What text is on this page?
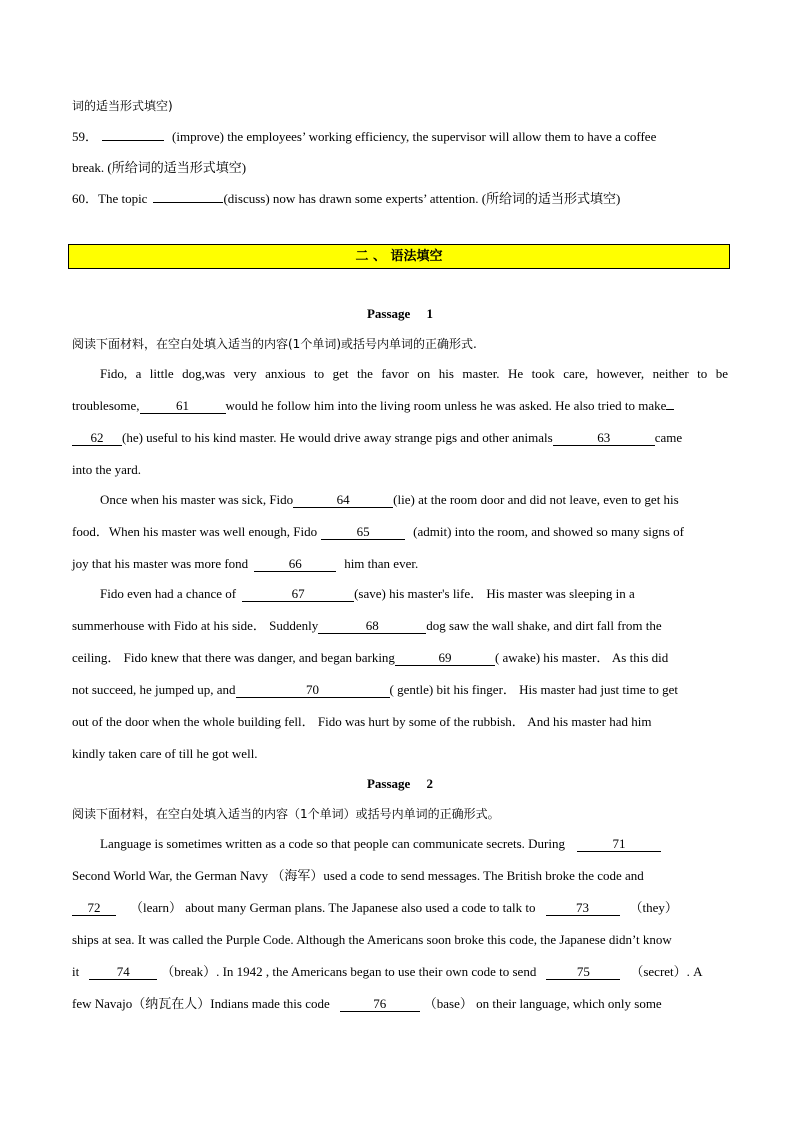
词的适当形式填空)
59．	(improve) the employees’ working efficiency, the supervisor will allow them to have a coffee
break. (所给词的适当形式填空)
60．The topic	(discuss) now has drawn some experts’ attention. (所给词的适当形式填空)
二 、 语法填空
Passage　 1
阅读下面材料，在空白处填入适当的内容(1个单词)或括号内单词的正确形式.
Fido, a little dog,was very anxious to get the favor on his master. He took care, however, neither to be
troublesome,	61	would he follow him into the living room unless he was asked. He also tried to make
62 (he) useful to his kind master. He would drive away strange pigs and other animals	63	came
into the yard.
Once when his master was sick, Fido	64	(lie) at the room door and did not leave, even to get his
food．When his master was well enough, Fido	65	(admit) into the room, and showed so many signs of
joy that his master was more fond	66	him than ever.
Fido even had a chance of	67	(save) his master's life． His master was sleeping in a
summerhouse with Fido at his side． Suddenly	68	dog saw the wall shake, and dirt fall from the
ceiling． Fido knew that there was danger, and began barking	69	( awake) his master． As this did
not succeed, he jumped up, and	70	( gentle) bit his finger． His master had just time to get
out of the door when the whole building fell． Fido was hurt by some of the rubbish． And his master had him
kindly taken care of till he got well.
Passage　 2
阅读下面材料，在空白处填入适当的内容（1个单词）或括号内单词的正确形式。
Language is sometimes written as a code so that people can communicate secrets. During	71
Second World War, the German Navy （海军）used a code to send messages. The British broke the code and
72 （learn） about many German plans. The Japanese also used a code to talk to	73	（they）
ships at sea. It was called the Purple Code. Although the Americans soon broke this code, the Japanese didn’t know
it	74 （break）. In 1942 , the Americans began to use their own code to send	75	（secret）. A
few Navajo（纳瓦在人）Indians made this code	76	（base） on their language, which only some
